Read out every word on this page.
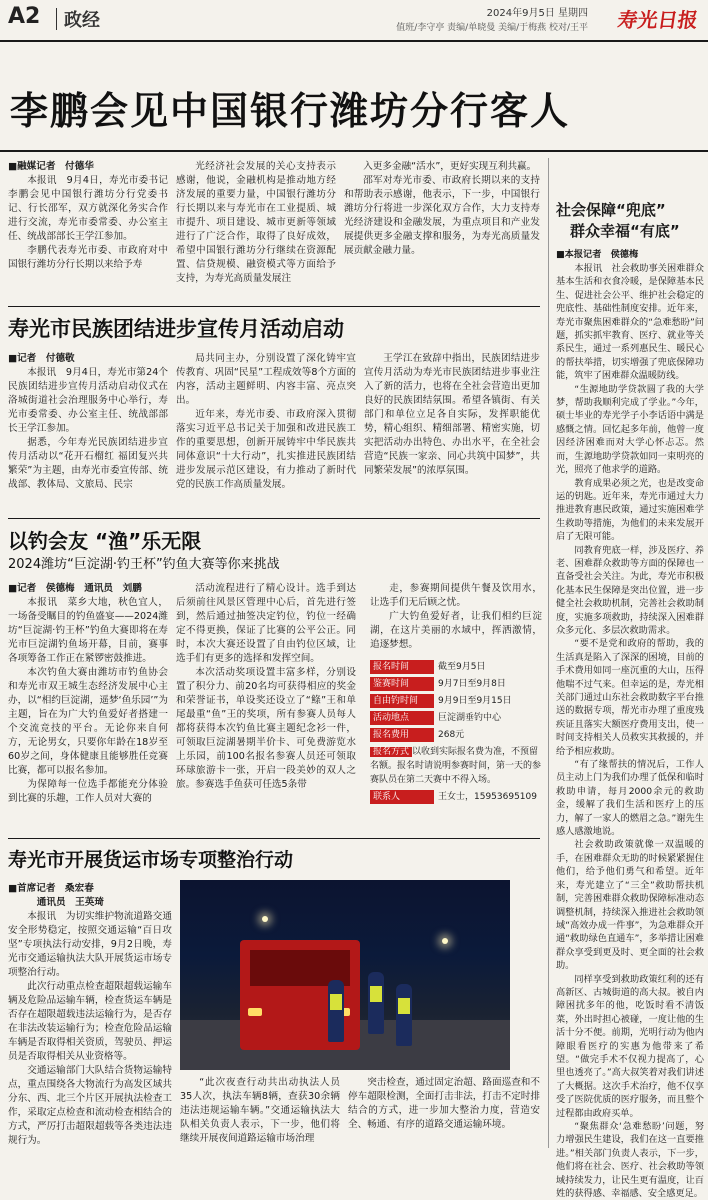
A2 政经	2024年9月5日 星期四
值班/李守亭 责编/单晓曼 美编/于梅燕 校对/王平 寿光日报
李鹏会见中国银行潍坊分行客人
■融媒记者　付德华

本报讯　9月4日，寿光市委书记李鹏会见中国银行潍坊分行党委书记、行长邵军，双方就深化务实合作进行交流，寿光市委常委、办公室主任、统战部部长王学江参加。

李鹏代表寿光市委、市政府对中国银行潍坊分行长期以来给予寿

光经济社会发展的关心支持表示感谢，他说，金融机构是推动地方经济发展的重要力量，中国银行潍坊分行长期以来与寿光市在工业提质、城市提升、项目建设、城市更新等领域进行了广泛合作，取得了良好成效，希望中国银行潍坊分行继续在资源配置、信贷规模、融资模式等方面给予支持，为寿光高质量发展注

入更多金融“活水”，更好实现互利共赢。

邵军对寿光市委、市政府长期以来的支持和帮助表示感谢，他表示，下一步，中国银行潍坊分行将进一步深化双方合作，大力支持寿光经济建设和金融发展，为重点项目和产业发展提供更多金融支撑和服务，为寿光高质量发展贡献金融力量。

寿光市民族团结进步宣传月活动启动
■记者　付德敬

本报讯　9月4日，寿光市第24个民族团结进步宣传月活动启动仪式在洛城街道社会治理服务中心举行，寿光市委常委、办公室主任、统战部部长王学江参加。

据悉，今年寿光民族团结进步宣传月活动以“花开石榴红 福团复兴共繁荣”为主题，由寿光市委宣传部、统战部、教体局、文旅局、民宗

局共同主办，分别设置了深化铸牢宣传教育、巩固“民星”工程成效等8个方面的内容，活动主题鲜明、内容丰富、亮点突出。

近年来，寿光市委、市政府深入贯彻落实习近平总书记关于加强和改进民族工作的重要思想，创新开展铸牢中华民族共同体意识“十大行动”，扎实推进民族团结进步发展示范区建设，有力推动了新时代党的民族工作高质量发展。

王学江在致辞中指出，民族团结进步宣传月活动为寿光市民族团结进步事业注入了新的活力，也将在全社会营造出更加良好的民族团结氛围。希望各镇街、有关部门和单位立足各自实际，发挥职能优势，精心组织、精细部署、精密实施，切实把活动办出特色、办出水平，在全社会营造“民族一家亲、同心共筑中国梦”，共同繁荣发展”的浓厚氛围。

以钓会友 “渔”乐无限
2024潍坊“巨淀湖·钓王杯”钓鱼大赛等你来挑战
■记者　侯德梅　通讯员　刘鹏

本报讯　菜乡大地，秋色宜人，一场备受瞩目的钓鱼盛宴——2024潍坊“巨淀湖·钓王杯”钓鱼大赛即将在寿光市巨淀湖钓鱼场开幕，目前，赛事各项筹备工作正在紧锣密鼓推进。

本次钓鱼大赛由潍坊市钓鱼协会和寿光市双王城生态经济发展中心主办，以“相约巨淀湖，遥梦‘鱼乐园’”为主题，旨在为广大钓鱼爱好者搭建一个交流竞技的平台。无论你来自何方，无论男女，只要你年龄在18岁至60岁之间，身体健康且能够胜任竞赛比赛，都可以报名参加。

为保障每一位选手都能充分体验到比赛的乐趣，工作人员对大赛的

活动流程进行了精心设计。选手到达后须前往风景区管理中心后，首先进行签到，然后通过抽签决定钓位，钓位一经确定不得更换，保证了比赛的公平公正。同时，本次大赛还设置了自由钓位区域，让选手们有更多的选择和发挥空间。

本次活动奖项设置丰富多样，分别设置了积分力、前20名均可获得相应的奖金和荣誉证书，单设奖还设立了“鲦”王和单尾最重“鱼”王的奖项，所有参赛人员每人都将获得本次钓鱼比赛主题纪念衫一件，可领取巨淀湖暑期半价卡、可免费游览水上乐园，前100名报名参赛人员还可领取环球旅游卡一张，开启一段美妙的双人之旅。参赛选手鱼获可任选5条带

走，参赛期间提供午餐及饮用水，让选手们无后顾之忧。

广大钓鱼爱好者，让我们相约巨淀湖，在这片美丽的水域中，挥洒激情，追逐梦想。

报名时间	截至9月5日
鉴赛时间	9月7日至9月8日
自由钓时间	9月9日至9月15日
活动地点	巨淀湖垂钓中心
报名费用	268元
报名方式 以收到实际报名费为准，不预留名额。报名时请说明参赛时间，第一天的参赛队员在第二天赛中不得入场。
联系人	王女士，15953695109
寿光市开展货运市场专项整治行动
■首席记者　桑宏春
通讯员　王英琦

本报讯　为切实维护物流道路交通安全形势稳定，按照交通运输“百日攻坚”专项执法行动安排，9月2日晚，寿光市交通运输执法大队开展货运市场专项整治行动。

此次行动重点检查超限超载运输车辆及危险品运输车辆，检查货运车辆是否存在超限超载违法运输行为，是否存在非法改装运输行为；检查危险品运输车辆是否取得相关资质，驾驶员、押运员是否取得相关从业资格等。

交通运输部门大队结合货物运输特点，重点围绕各大物流行为高发区域共分东、西、北三个片区开展执法检查工作，采取定点检查和流动检查相结合的方式，严厉打击超限超载等各类违法违规行为。

“此次夜查行动共出动执法人员35人次，执法车辆8辆，查获30余辆违法违规运输车辆。”交通运输执法大队相关负责人表示，下一步，他们将继续开展夜间道路运输市场治理

突击检查，通过固定治超、路面巡查和不停车超限检测，全面打击非法，打击不定时排结合的方式，进一步加大整治力度，营造安全、畅通、有序的道路交通运输环境。

社会保障“兜底”
群众幸福“有底”
■本报记者　侯德梅

本报讯　社会救助事关困难群众基本生活和衣食冷暖，是保障基本民生、促进社会公平、维护社会稳定的兜底性、基础性制度安排。近年来，寿光市聚焦困难群众的“急难愁盼”问题，抓实抓牢教育、医疗、就业等关系民生，通过一系列惠民生、暖民心的帮扶举措，切实增强了兜底保障功能，筑牢了困难群众温暖防线。

“生源地助学贷款圆了我的大学梦，帮助我顺利完成了学业。”今年，硕士毕业的寿光学子小李话语中满是感慨之情。回忆起多年前，他曾一度因经济困难而对大学心怀忐忑。然而，生源地助学贷款如同一束明亮的光，照亮了他求学的道路。

教育成果必须之光，也是改变命运的钥匙。近年来，寿光市通过大力推进教育惠民政策，通过实施困难学生救助等措施，为他们的未来发展开启了无限可能。

同教育兜底一样，涉及医疗、养老、困难群众救助等方面的保障也一直备受社会关注。为此，寿光市积极化基本民生保障是突出位置，进一步健全社会救助机制，完善社会救助制度，实施多项救助，持续深入困难群众多元化、多层次救助需求。

“要不是党和政府的帮助，我的生活真是陷入了深深的困境，目前的手术费用如同一座沉重的大山，压得他喘不过气来。但幸运的是，寿光相关部门通过山东社会救助数字平台推送的数据专项，帮光市办理了重度残疾证且落实大额医疗费用支出，使一时间支持相关人员救实其救援的，并给予相应救助。

“有了缘帮扶的情况后，工作人员主动上门为我们办理了低保和临时救助申请，每月2000余元的救助金，缓解了我们生活和医疗上的压力，解了一家人的燃眉之急。”谢先生感人感激地说。

社会救助政策就像一双温暖的手，在困难群众无助的时候紧紧握住他们，给予他们勇气和希望。近年来，寿光建立了“三全”救助帮扶机制，完善困难群众救助保障标准动态调整机制，持续深入推进社会救助领域“高效办成一件事”，为急难群众开通“救助绿色直通车”，多举措让困难群众享受到更及时、更全面的社会救助。

同样享受到救助政策红利的还有高新区、古城街道的高大叔。被自内障困扰多年的他，吃饭时看不清饭菜，外出时担心被碰，一度让他的生活十分不便。前期，光明行动为他内障眼看医疗的实惠为他带来了希望。“做完手术不仅视力提高了，心里也透亮了。”高大叔笑着对我们讲述了大概据。这次手术治疗，他不仅享受了医院优质的医疗服务，而且整个过程都由政府买单。

“聚焦群众‘急难愁盼’问题，努力增强民生建设，我们在这一直要推进。”相关部门负责人表示，下一步，他们将在社会、医疗、社会救助等领域持续发力，让民生更有温度，让百姓的获得感、幸福感、安全感更足。
